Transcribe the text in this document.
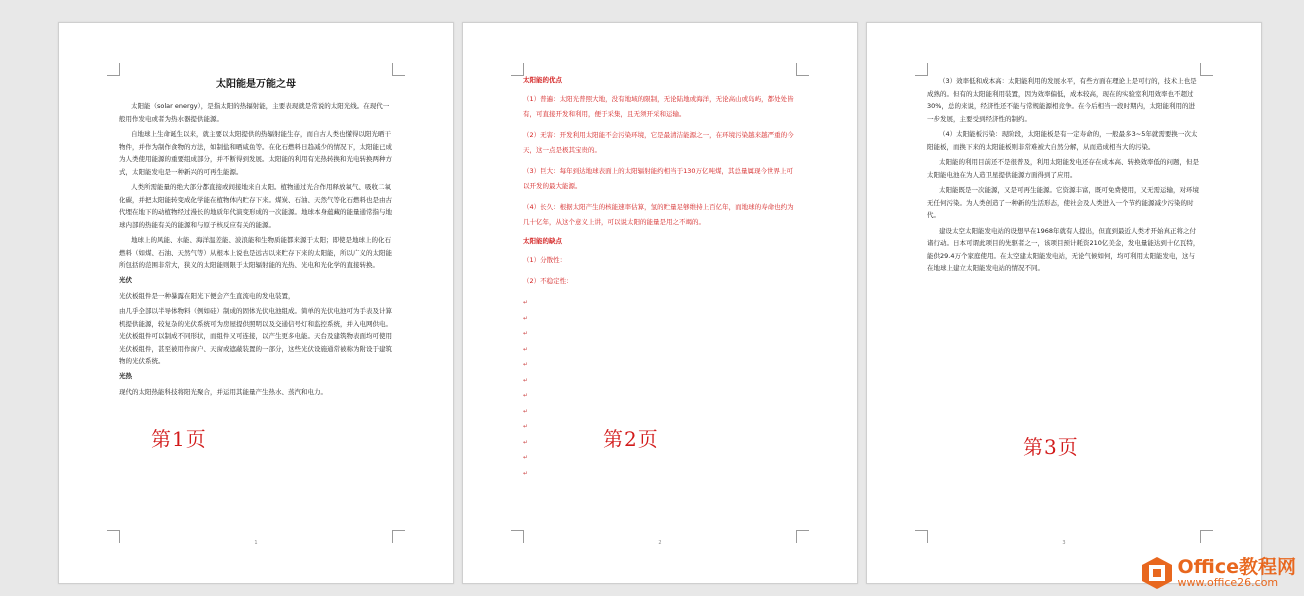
太阳能是万能之母
太阳能（solar energy），是指太阳的热辐射能，主要表现就是常说的太阳光线。在现代一般用作发电或者为热水器提供能源。
自地球上生命诞生以来，就主要以太阳提供的热辐射能生存，而自古人类也懂得以阳光晒干物件，并作为制作食物的方法，如制盐和晒咸鱼等。在化石燃料日趋减少的情况下，太阳能已成为人类使用能源的重要组成部分，并不断得到发展。太阳能的利用有光热转换和光电转换两种方式，太阳能发电是一种新兴的可再生能源。
人类所需能量的绝大部分都直接或间接地来自太阳。植物通过光合作用释放氧气、吸收二氧化碳，并把太阳能转变成化学能在植物体内贮存下来。煤炭、石油、天然气等化石燃料也是由古代埋在地下的动植物经过漫长的地质年代演变形成的一次能源。地球本身蕴藏的能量通常指与地球内部的热能有关的能源和与原子核反应有关的能源。
地球上的风能、水能、海洋温差能、波浪能和生物质能都来源于太阳；即使是地球上的化石燃料（如煤、石油、天然气等）从根本上说也是远古以来贮存下来的太阳能，所以广义的太阳能所包括的范围非常大，狭义的太阳能则限于太阳辐射能的光热、光电和光化学的直接转换。
光伏
光伏板组件是一种暴露在阳光下便会产生直流电的发电装置，
由几乎全部以半导体物料（例如硅）制成的固体光伏电池组成。简单的光伏电池可为手表及计算机提供能源，较复杂的光伏系统可为房屋提供照明以及交通信号灯和监控系统，并入电网供电。光伏板组件可以制成不同形状，而组件又可连接，以产生更多电能。天台及建筑物表面均可使用光伏板组件，甚至被用作窗户、天窗或遮蔽装置的一部分，这些光伏设施通常被称为附设于建筑物的光伏系统。
光热
现代的太阳热能科技将阳光聚合，并运用其能量产生热水、蒸汽和电力。
1
第1页
太阳能的优点
（1）普遍：太阳光普照大地，没有地域的限制，无论陆地或海洋，无论高山或岛屿，都处处皆有，可直接开发和利用，便于采集，且无须开采和运输。
（2）无害：开发利用太阳能不会污染环境，它是最清洁能源之一，在环境污染越来越严重的今天，这一点是极其宝贵的。
（3）巨大：每年到达地球表面上的太阳辐射能约相当于130万亿吨煤，其总量属现今世界上可以开发的最大能源。
（4）长久：根据太阳产生的核能速率估算，氢的贮量足够维持上百亿年，而地球的寿命也约为几十亿年，从这个意义上讲，可以说太阳的能量是用之不竭的。
太阳能的缺点
（1）分散性：
（2）不稳定性：
↵
↵
↵
↵
↵
↵
↵
↵
↵
↵
↵
↵
2
第2页
（3）效率低和成本高：太阳能利用的发展水平，有些方面在理论上是可行的，技术上也是成熟的。但有的太阳能利用装置，因为效率偏低，成本较高，现在的实验室利用效率也不超过30%，总的来说，经济性还不能与常规能源相竞争。在今后相当一段时期内，太阳能利用的进一步发展，主要受到经济性的制约。
（4）太阳能板污染：现阶段，太阳能板是有一定寿命的，一般最多3~5年就需要换一次太阳能板，而换下来的太阳能板则非常难被大自然分解，从而造成相当大的污染。
太阳能的利用目前还不是很普及，利用太阳能发电还存在成本高、转换效率低的问题，但是太阳能电池在为人造卫星提供能源方面得到了应用。
太阳能既是一次能源，又是可再生能源。它资源丰富，既可免费使用，又无需运输，对环境无任何污染。为人类创造了一种新的生活形态，使社会及人类进入一个节约能源减少污染的时代。
建设太空太阳能发电站的设想早在1968年就有人提出，但直到最近人类才开始真正将之付诸行动。日本可谓此项目的先驱者之一，该项目预计耗资210亿美金，发电量能达到十亿瓦特，能供29.4万个家庭使用。在太空建太阳能发电站，无论气候如何，均可利用太阳能发电，这与在地球上建立太阳能发电站的情况不同。
3
第3页
Office教程网
www.office26.com
